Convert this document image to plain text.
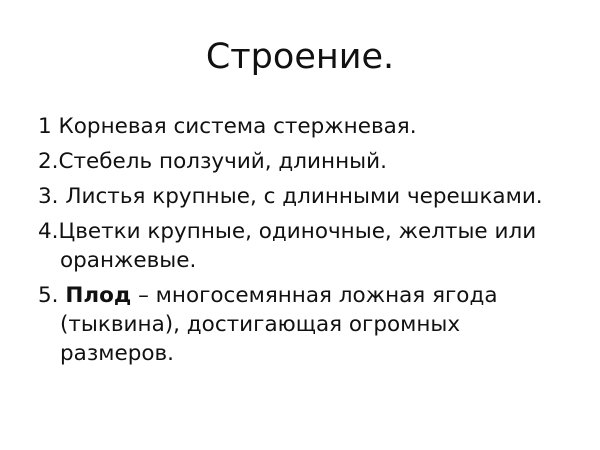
Строение.
1 Корневая система стержневая.
2.Стебель ползучий, длинный.
3. Листья крупные, с длинными черешками.
4.Цветки крупные, одиночные, желтые или оранжевые.
5. Плод – многосемянная ложная ягода (тыквина), достигающая огромных размеров.
